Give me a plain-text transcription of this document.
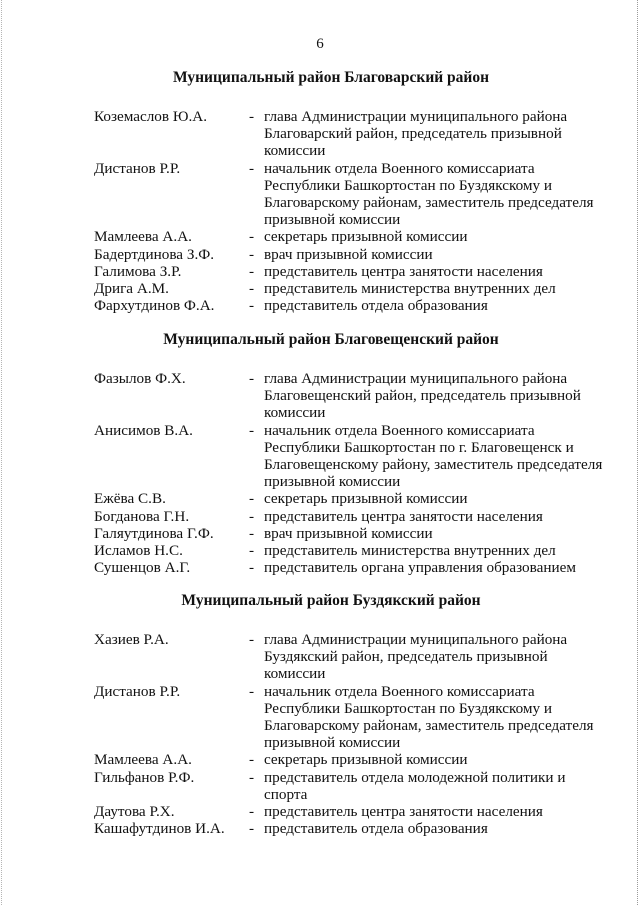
6
Муниципальный район Благоварский район
Коземаслов Ю.А.	- глава Администрации муниципального района Благоварский район, председатель призывной комиссии
Дистанов Р.Р.	- начальник отдела Военного комиссариата Республики Башкортостан по Буздякскому и Благоварскому районам, заместитель председателя призывной комиссии
Мамлеева А.А.	- секретарь призывной комиссии
Бадертдинова З.Ф. - врач призывной комиссии
Галимова З.Р.	- представитель центра занятости населения
Дрига А.М.	- представитель министерства внутренних дел
Фархутдинов Ф.А. - представитель отдела образования
Муниципальный район Благовещенский район
Фазылов Ф.Х.	- глава Администрации муниципального района Благовещенский район, председатель призывной комиссии
Анисимов В.А.	- начальник отдела Военного комиссариата Республики Башкортостан по г. Благовещенск и Благовещенскому району, заместитель председателя призывной комиссии
Ежёва С.В.	- секретарь призывной комиссии
Богданова Г.Н.	- представитель центра занятости населения
Галяутдинова Г.Ф. - врач призывной комиссии
Исламов Н.С.	- представитель министерства внутренних дел
Сушенцов А.Г.	- представитель органа управления образованием
Муниципальный район Буздякский район
Хазиев Р.А.	- глава Администрации муниципального района Буздякский район, председатель призывной комиссии
Дистанов Р.Р.	- начальник отдела Военного комиссариата Республики Башкортостан по Буздякскому и Благоварскому районам, заместитель председателя призывной комиссии
Мамлеева А.А.	- секретарь призывной комиссии
Гильфанов Р.Ф.	- представитель отдела молодежной политики и спорта
Даутова Р.Х.	- представитель центра занятости населения
Кашафутдинов И.А. - представитель отдела образования
